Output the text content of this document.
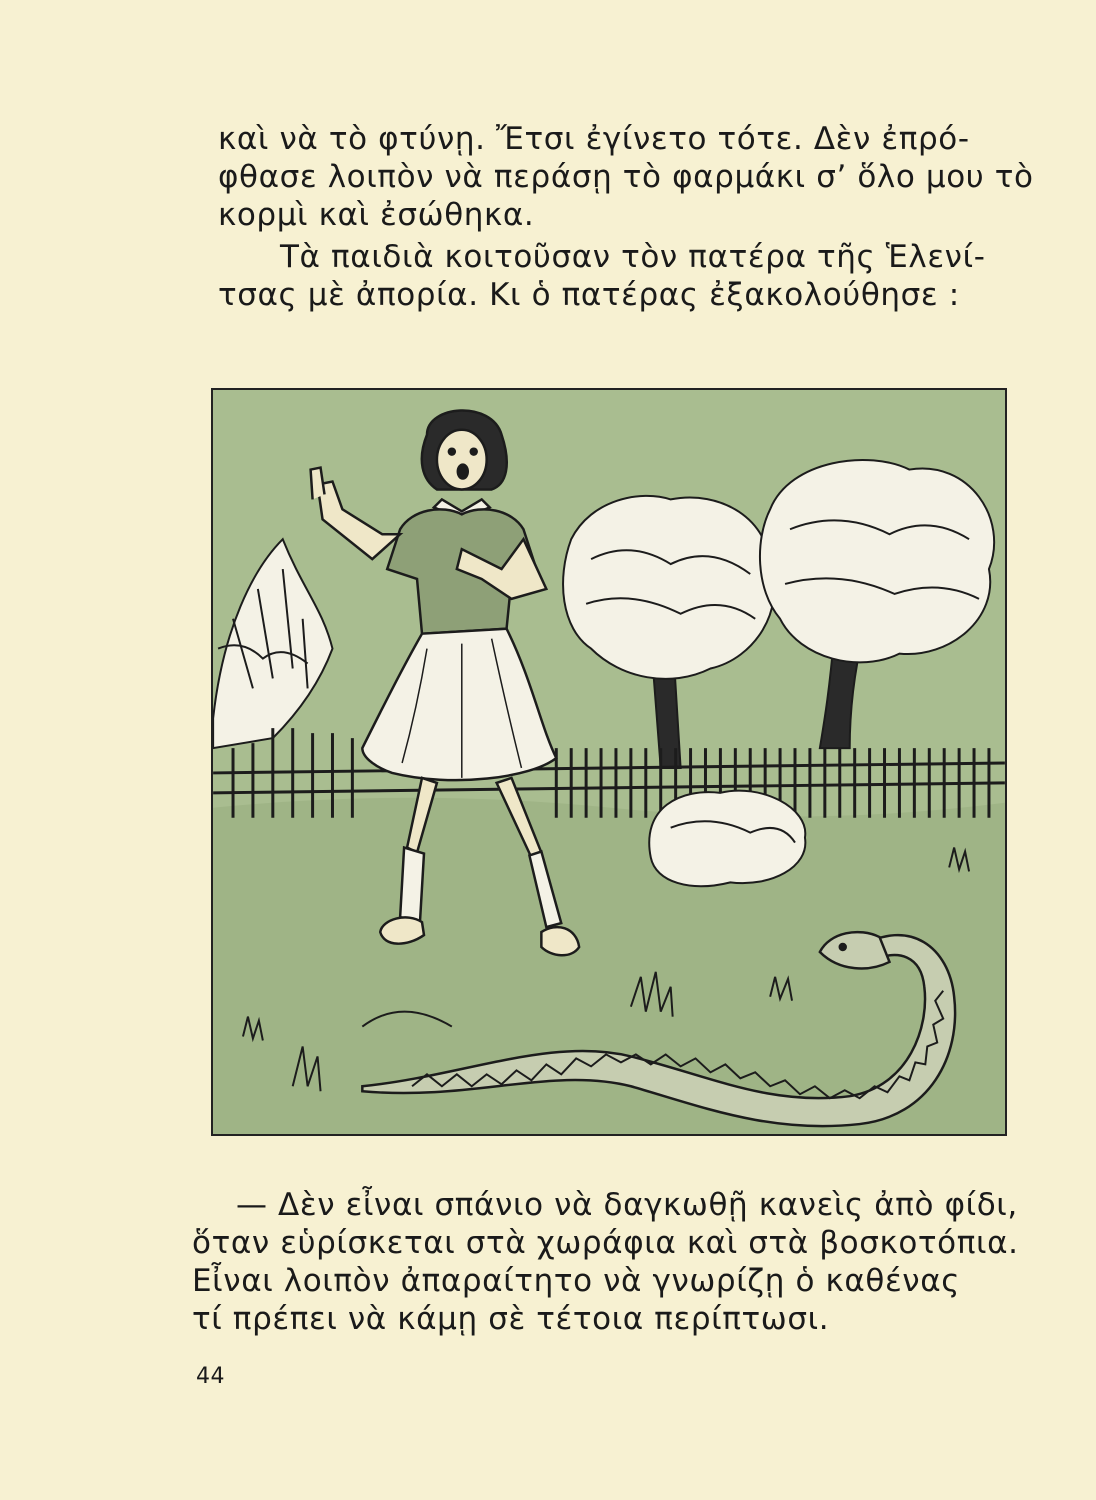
καὶ νὰ τὸ φτύνῃ. Ἔτσι ἐγίνετο τότε. Δὲν ἐπρό-
φθασε λοιπὸν νὰ περάσῃ τὸ φαρμάκι σ’ ὅλο μου τὸ
κορμὶ καὶ ἐσώθηκα.

Τὰ παιδιὰ κοιτοῦσαν τὸν πατέρα τῆς Ἑλενί-
τσας μὲ ἀπορία. Κι ὁ πατέρας ἐξακολούθησε :

— Δὲν εἶναι σπάνιο νὰ δαγκωθῇ κανεὶς ἀπὸ φίδι,
ὅταν εὑρίσκεται στὰ χωράφια καὶ στὰ βοσκοτόπια.
Εἶναι λοιπὸν ἀπαραίτητο νὰ γνωρίζῃ ὁ καθένας
τί πρέπει νὰ κάμῃ σὲ τέτοια περίπτωσι.

44
